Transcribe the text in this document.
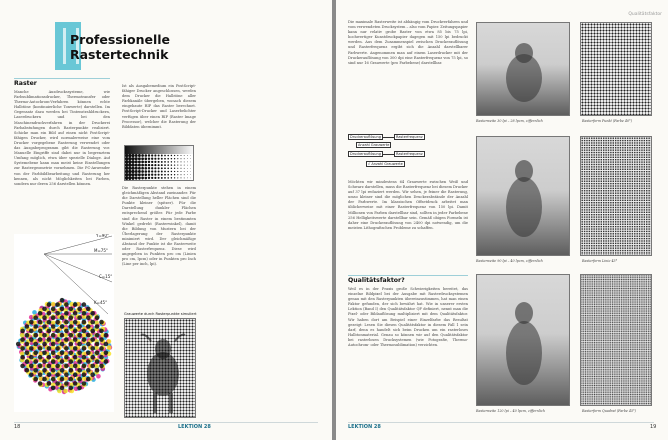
Professionelle
Rastertechnik
Raster
Manche Ausdruckssysteme, wie Farbsublimationsdrucker, Thermotransfer oder Thermo-Autochrom-Verfahren können echte Halbtöne (kontinuierliche Tonwerte) darstellen. Im Gegensatz dazu werden bei Tintenstrahldruckern, Laserdruckern und bei den Maschinendruckverfahren in der Druckerei Farbabstufungen durch Rasterpunkte realisiert. Schicke man ein Bild auf einen nicht PostScript-fähigen Drucker, wird normalerweise eine vom Drucker vorgegebene Rasterung verwendet oder das Ausgabeprogramm gibt die Rasterung vor. Manuelle Eingriffe sind dabei nur in begrenztem Umfang möglich, etwa über spezielle Dialoge. Auf Systemebene kann man meist keine Einstellungen zur Rastergeometrie vornehmen. Die PC-Anwender von der Farbbildbearbeitung und Rasterung her kennen, als nicht Möglichkeiten bei Farben, sondern nur deren 256 darstellen können.
Ist als Ausgabemedium ein PostScript-fähiger Drucker angeschlossen, werden dem Drucker die Halbtöne aller Farbkanäle übergeben, wonach diesem eingebaute RIP das Raster berechnet. PostScript-Drucker und Laserbelichter verfügen über einen RIP (Raster Image Processor), welcher die Rasterung der Bilddaten übernimmt.
Die Rasterpunkte stehen in einem gleichmäßigen Abstand zueinander. Für die Darstellung heller Flächen sind die Punkte kleiner (spitzer). Für die Darstellung dunkler Flächen entsprechend größer. Für jede Farbe sind die Raster in einem bestimmten Winkel gedreht (Rasterwinkel), damit die Bildung von Mustern bei der Überlagerung der Rasterpunkte minimiert wird. Der gleichmäßige Abstand der Punkte ist die Rasterweite oder Rasterfrequenz. Diese wird angegeben in Punkten pro cm (Linien pro cm, lpcm) oder in Punkten pro Inch (Line per inch, lpi).
Grauwerte durch Rasterpunkte simuliert
Y=90°
M=75°
C=15°
K=45°
18	LEKTION 28
Qualitätsfaktor
Die maximale Rasterweite ist abhängig vom Druckverfahren und vom verwendeten Drucksystem – also vom Papier. Zeitungspapier kann nur relativ grobe Raster von etwa 85 bis 75 lpi, hochwertiger Kunstdruckpapier dagegen mit 150 lpi bedruckt werden. Aus dem Zusammenspiel zwischen Druckerauflösung und Rasterfrequenz ergibt sich die Anzahl darstellbarer Farbwerte. Angenommen man auf einem Laserdrucker mit der Druckerauflösung von 300 dpi eine Rasterfrequenz von 75 lpi, so sind nur 16 Grauwerte (pro Farbebene) darstellbar.
Druckerauflösung	Rasterfrequenz
Anzahl Grauwerte
Druckerauflösung	Rasterfrequenz
√ Anzahl Grauwerte
Möchten wir mindestens 64 Grauwerte zwischen Weiß und Schwarz darstellen, muss die Rasterfrequenz bei diesem Drucker auf 37 lpi reduziert werden. Wir sehen, je feiner die Rasterung, umso kleiner sind die möglichen Druckerabstände der Anzahl der Farbwerte. Im klassischen Offsetdruck arbeitet man üblicherweise mit einer Rasterfrequenz von 150 lpi. Damit Millionen von Farben darstellbar sind, sollten in jeder Farbebene 256 Helligkeitswerte darstellbar sein. Gemäß obigen Formeln ist daher eine Druckerauflösung von 2400 dpi notwendig, um die meisten Lithografischen Probleme zu schaffen.
Qualitätsfaktor?
Weil es in der Praxis große Schwierigkeiten bereitet, das einzelne Bildpixel bei der Ausgabe mit Rasterdrucksystemen genau mit den Rasterpunkten übereinzustimmen, hat man einen Faktor gefunden, der sich bewährt hat. Wie in unserer ersten Lektion (Band I) den Qualitätsfaktor QF definiert, nennt man die Pixel- oder Bildauflösung multipliziert mit dem Qualitätsfaktor. Wir haben dort am Beispiel einer Einzelfarbe das Resultat gezeigt: Lesen Sie diesen Qualitätsfaktor in diesem Fall 1 sein darf, denn es handelt sich beim Drucken um ein rasterloses Halbtonmaterial. Genau so können wir auf den Qualitätsfaktor bei rasterlosen Drucksystemen (wie Fotografie, Thermo-Autochrom- oder Thermosublimation) verzichten.
Rasterweite 30 lpi – 28 lpcm, ziffernlich	Rasterform Punkt (Farbe 40°)
Rasterweite 90 lpi – 40 lpcm, ziffernlich	Rasterform Linie 45°
Rasterweite 120 lpi – 40 lpcm, ziffernlich	Rasterform Quadrat (Farbe 45°)
LEKTION 28	19
